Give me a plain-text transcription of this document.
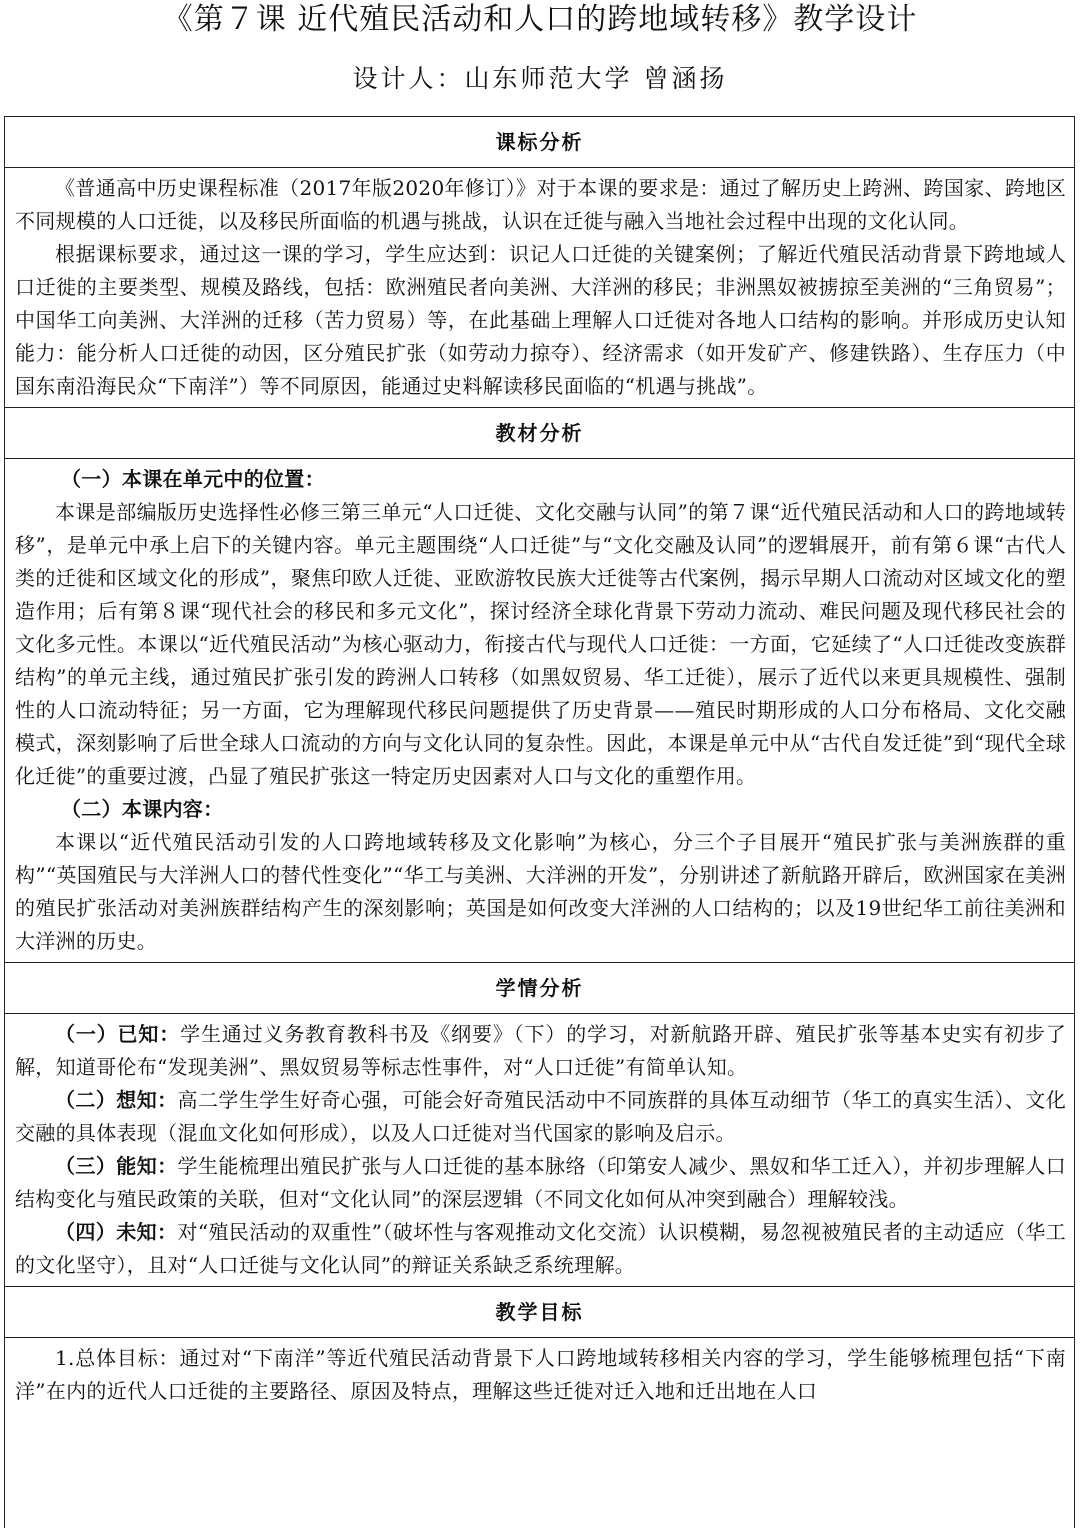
《第７课 近代殖民活动和人口的跨地域转移》教学设计
设计人：山东师范大学 曾涵扬
课标分析

《普通高中历史课程标准（2017年版2020年修订）》对于本课的要求是：通过了解历史上跨洲、跨国家、跨地区不同规模的人口迁徙，以及移民所面临的机遇与挑战，认识在迁徙与融入当地社会过程中出现的文化认同。

根据课标要求，通过这一课的学习，学生应达到：识记人口迁徙的关键案例；了解近代殖民活动背景下跨地域人口迁徙的主要类型、规模及路线，包括：欧洲殖民者向美洲、大洋洲的移民；非洲黑奴被掳掠至美洲的“三角贸易”；中国华工向美洲、大洋洲的迁移（苦力贸易）等，在此基础上理解人口迁徙对各地人口结构的影响。并形成历史认知能力：能分析人口迁徙的动因，区分殖民扩张（如劳动力掠夺）、经济需求（如开发矿产、修建铁路）、生存压力（中国东南沿海民众“下南洋”）等不同原因，能通过史料解读移民面临的“机遇与挑战”。

教材分析

（一）本课在单元中的位置：

本课是部编版历史选择性必修三第三单元“人口迁徙、文化交融与认同”的第７课“近代殖民活动和人口的跨地域转移”，是单元中承上启下的关键内容。单元主题围绕“人口迁徙”与“文化交融及认同”的逻辑展开，前有第６课“古代人类的迁徙和区域文化的形成”，聚焦印欧人迁徙、亚欧游牧民族大迁徙等古代案例，揭示早期人口流动对区域文化的塑造作用；后有第８课“现代社会的移民和多元文化”，探讨经济全球化背景下劳动力流动、难民问题及现代移民社会的文化多元性。本课以“近代殖民活动”为核心驱动力，衔接古代与现代人口迁徙：一方面，它延续了“人口迁徙改变族群结构”的单元主线，通过殖民扩张引发的跨洲人口转移（如黑奴贸易、华工迁徙），展示了近代以来更具规模性、强制性的人口流动特征；另一方面，它为理解现代移民问题提供了历史背景——殖民时期形成的人口分布格局、文化交融模式，深刻影响了后世全球人口流动的方向与文化认同的复杂性。因此，本课是单元中从“古代自发迁徙”到“现代全球化迁徙”的重要过渡，凸显了殖民扩张这一特定历史因素对人口与文化的重塑作用。

（二）本课内容：

本课以“近代殖民活动引发的人口跨地域转移及文化影响”为核心，分三个子目展开“殖民扩张与美洲族群的重构”“英国殖民与大洋洲人口的替代性变化”“华工与美洲、大洋洲的开发”，分别讲述了新航路开辟后，欧洲国家在美洲的殖民扩张活动对美洲族群结构产生的深刻影响；英国是如何改变大洋洲的人口结构的；以及19世纪华工前往美洲和大洋洲的历史。

学情分析

（一）已知：学生通过义务教育教科书及《纲要》（下）的学习，对新航路开辟、殖民扩张等基本史实有初步了解，知道哥伦布“发现美洲”、黑奴贸易等标志性事件，对“人口迁徙”有简单认知。

（二）想知：高二学生学生好奇心强，可能会好奇殖民活动中不同族群的具体互动细节（华工的真实生活）、文化交融的具体表现（混血文化如何形成），以及人口迁徙对当代国家的影响及启示。

（三）能知：学生能梳理出殖民扩张与人口迁徙的基本脉络（印第安人减少、黑奴和华工迁入），并初步理解人口结构变化与殖民政策的关联，但对“文化认同”的深层逻辑（不同文化如何从冲突到融合）理解较浅。

（四）未知：对“殖民活动的双重性”（破坏性与客观推动文化交流）认识模糊，易忽视被殖民者的主动适应（华工的文化坚守），且对“人口迁徙与文化认同”的辩证关系缺乏系统理解。

教学目标

1.总体目标：通过对“下南洋”等近代殖民活动背景下人口跨地域转移相关内容的学习，学生能够梳理包括“下南洋”在内的近代人口迁徙的主要路径、原因及特点，理解这些迁徙对迁入地和迁出地在人口
